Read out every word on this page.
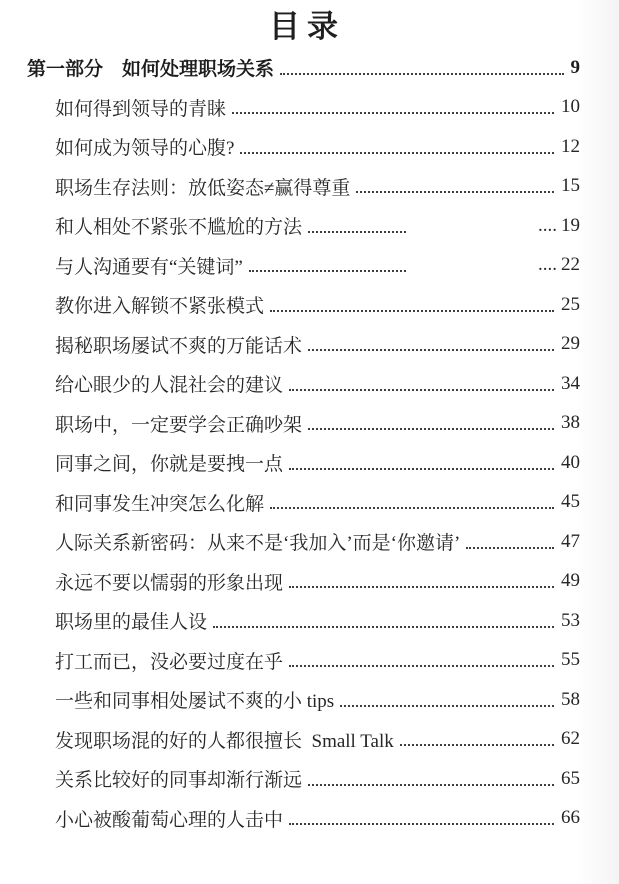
目录
第一部分　如何处理职场关系	9
如何得到领导的青睐	10
如何成为领导的心腹?	12
职场生存法则：放低姿态≠赢得尊重	15
和人相处不紧张不尴尬的方法	.... 19
与人沟通要有“关键词”	.... 22
教你进入解锁不紧张模式	25
揭秘职场屡试不爽的万能话术	29
给心眼少的人混社会的建议	34
职场中，一定要学会正确吵架	38
同事之间，你就是要拽一点	40
和同事发生冲突怎么化解	45
人际关系新密码：从来不是‘我加入’而是‘你邀请’	47
永远不要以懦弱的形象出现	49
职场里的最佳人设	53
打工而已，没必要过度在乎	55
一些和同事相处屡试不爽的小 tips	58
发现职场混的好的人都很擅长  Small Talk	62
关系比较好的同事却渐行渐远	65
小心被酸葡萄心理的人击中	66
